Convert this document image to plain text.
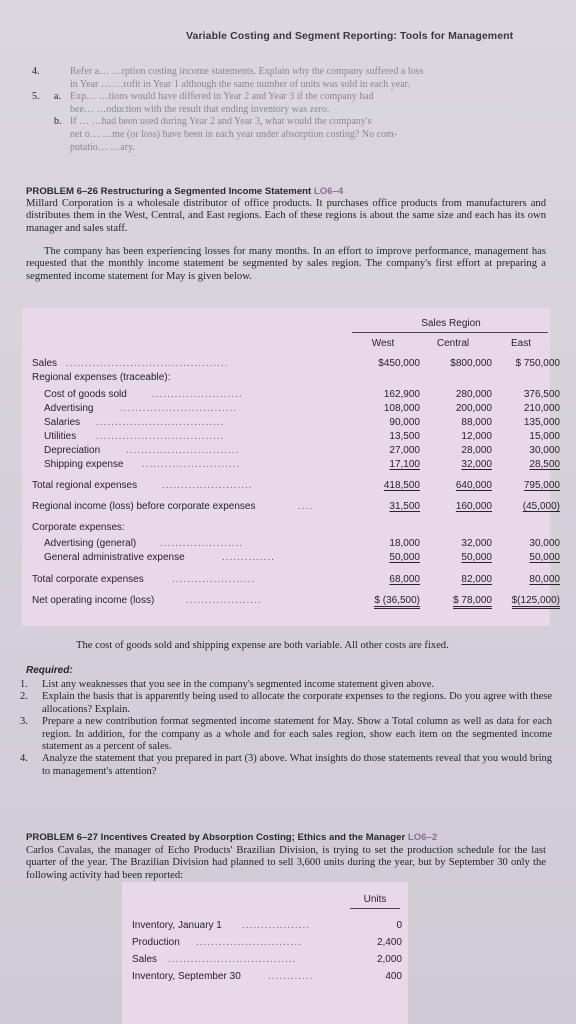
Variable Costing and Segment Reporting: Tools for Management
4.	Refer a… …rption costing income statements. Explain why the company suffered a loss
in Year … …rofit in Year 1 although the same number of units was sold in each year.
5.	a. Exp… …tions would have differed in Year 2 and Year 3 if the company had
bee… …oduction with the result that ending inventory was zero.
b. If … …had been used during Year 2 and Year 3, what would the company's
net o… …me (or loss) have been in each year under absorption costing? No com-
putatio… …ary.
PROBLEM 6–26 Restructuring a Segmented Income Statement LO6–4
Millard Corporation is a wholesale distributor of office products. It purchases office products from manufacturers and distributes them in the West, Central, and East regions. Each of these regions is about the same size and each has its own manager and sales staff.
The company has been experiencing losses for many months. In an effort to improve performance, management has requested that the monthly income statement be segmented by sales region. The company's first effort at preparing a segmented income statement for May is given below.
Sales Region
West	Central	East
Sales ...........................................	$450,000	$800,000	$ 750,000
Regional expenses (traceable):
Cost of goods sold	........................	162,900	280,000	376,500
Advertising	...............................	108,000	200,000	210,000
Salaries ..................................	90,000	88,000	135,000
Utilities ..................................	13,500	12,000	15,000
Depreciation	..............................	27,000	28,000	30,000
Shipping expense ..........................	17,100	32,000	28,500
Total regional expenses ........................	418,500	640,000	795,000
Regional income (loss) before corporate expenses	....	31,500	160,000	(45,000)
Corporate expenses:
Advertising (general) ......................	18,000	32,000	30,000
General administrative expense	..............	50,000	50,000	50,000
Total corporate expenses	......................	68,000	82,000	80,000
Net operating income (loss)	....................	$ (36,500)	$ 78,000	$(125,000)
The cost of goods sold and shipping expense are both variable. All other costs are fixed.
Required:
1.	List any weaknesses that you see in the company's segmented income statement given above.
2.	Explain the basis that is apparently being used to allocate the corporate expenses to the regions. Do you agree with these allocations? Explain.
3.	Prepare a new contribution format segmented income statement for May. Show a Total column as well as data for each region. In addition, for the company as a whole and for each sales region, show each item on the segmented income statement as a percent of sales.
4.	Analyze the statement that you prepared in part (3) above. What insights do those statements reveal that you would bring to management's attention?
PROBLEM 6–27 Incentives Created by Absorption Costing; Ethics and the Manager LO6–2
Carlos Cavalas, the manager of Echo Products' Brazilian Division, is trying to set the production schedule for the last quarter of the year. The Brazilian Division had planned to sell 3,600 units during the year, but by September 30 only the following activity had been reported:
Units
Inventory, January 1 ..................	0
Production ............................	2,400
Sales ..................................	2,000
Inventory, September 30	............	400
